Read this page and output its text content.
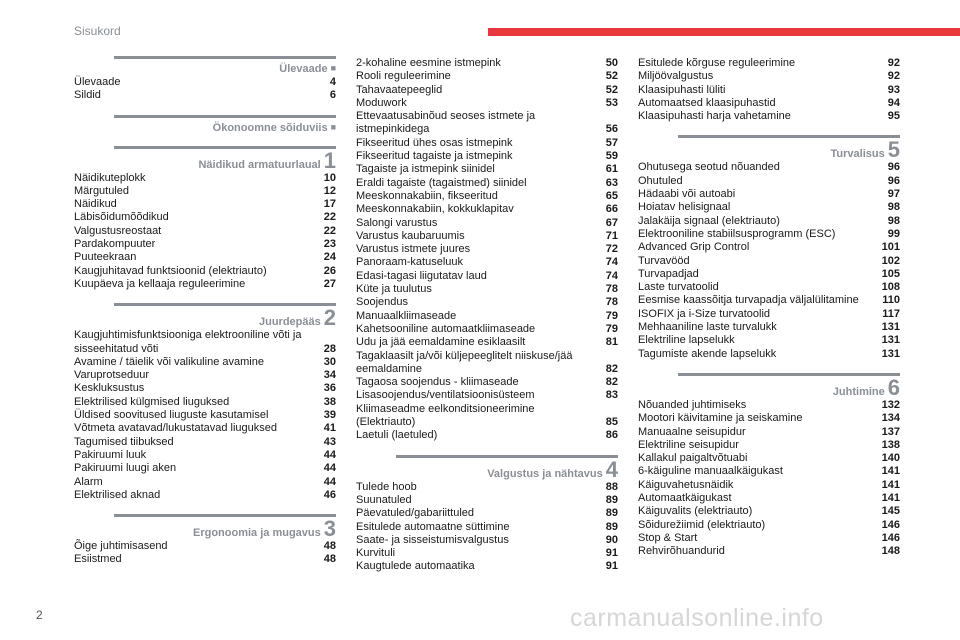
Sisukord
Ülevaade ■
Ülevaade	4
Sildid	6
Ökonoomne sõiduviis ■
Näidikud armatuurlaual 1
Näidikuteplokk	10
Märgutuled	12
Näidikud	17
Läbisõidumõõdikud	22
Valgustusreostaat	22
Pardakompuuter	23
Puuteekraan	24
Kaugjuhitavad funktsioonid (elektriauto)	26
Kuupäeva ja kellaaja reguleerimine	27
Juurdepääs 2
Kaugjuhtimisfunktsiooniga elektrooniline võti ja sisseehitatud võti	28
Avamine / täielik või valikuline avamine	30
Varuprotseduur	34
Keskluksustus	36
Elektrilised külgmised liuguksed	38
Üldised soovitused liuguste kasutamisel	39
Võtmeta avatavad/lukustatavad liuguksed	41
Tagumised tiibuksed	43
Pakiruumi luuk	44
Pakiruumi luugi aken	44
Alarm	44
Elektrilised aknad	46
Ergonoomia ja mugavus 3
Õige juhtimisasend	48
Esiistmed	48
2-kohaline eesmine istmepink	50
Rooli reguleerimine	52
Tahavaatepeeglid	52
Moduwork	53
Ettevaatusabinõud seoses istmete ja istmepinkidega	56
Fikseeritud ühes osas istmepink	57
Fikseeritud tagaiste ja istmepink	59
Tagaiste ja istmepink siinidel	61
Eraldi tagaiste (tagaistmed) siinidel	63
Meeskonnakabiin, fikseeritud	65
Meeskonnakabiin, kokkuklapitav	66
Salongi varustus	67
Varustus kaubaruumis	71
Varustus istmete juures	72
Panoraam-katuseluuk	74
Edasi-tagasi liigutatav laud	74
Küte ja tuulutus	78
Soojendus	78
Manuaalkliimaseade	79
Kahetsooniline automaatkliimaseade	79
Udu ja jää eemaldamine esiklaasilt	81
Tagaklaasilt ja/või küljepeeglitelt niiskuse/jää eemaldamine	82
Tagaosa soojendus - kliimaseade	82
Lisasoojendus/ventilatsioonisüsteem	83
Kliimaseadme eelkonditsioneerimine (Elektriauto)	85
Laetuli (laetuled)	86
Valgustus ja nähtavus 4
Tulede hoob	88
Suunatuled	89
Päevatuled/gabariittuled	89
Esitulede automaatne süttimine	89
Saate- ja sisseistumisvalgustus	90
Kurvituli	91
Kaugtulede automaatika	91
Esitulede kõrguse reguleerimine	92
Miljöövalgustus	92
Klaasipuhasti lüliti	93
Automaatsed klaasipuhastid	94
Klaasipuhasti harja vahetamine	95
Turvalisus 5
Ohutusega seotud nõuanded	96
Ohutuled	96
Hädaabi või autoabi	97
Hoiatav helisignaal	98
Jalakäija signaal (elektriauto)	98
Elektrooniline stabiilsusprogramm (ESC)	99
Advanced Grip Control	101
Turvavööd	102
Turvapadjad	105
Laste turvatoolid	108
Eesmise kaassõitja turvapadja väljalülitamine	110
ISOFIX ja i-Size turvatoolid	117
Mehhaaniline laste turvalukk	131
Elektriline lapselukk	131
Tagumiste akende lapselukk	131
Juhtimine 6
Nõuanded juhtimiseks	132
Mootori käivitamine ja seiskamine	134
Manuaalne seisupidur	137
Elektriline seisupidur	138
Kallakul paigaltvõtuabi	140
6-käiguline manuaalkäigukast	141
Käiguvahetusnäidik	141
Automaatkäigukast	141
Käiguvalits (elektriauto)	145
Sõidurežiimid (elektriauto)	146
Stop & Start	146
Rehvirõhuandurid	148
2	carmanualsonline.info
